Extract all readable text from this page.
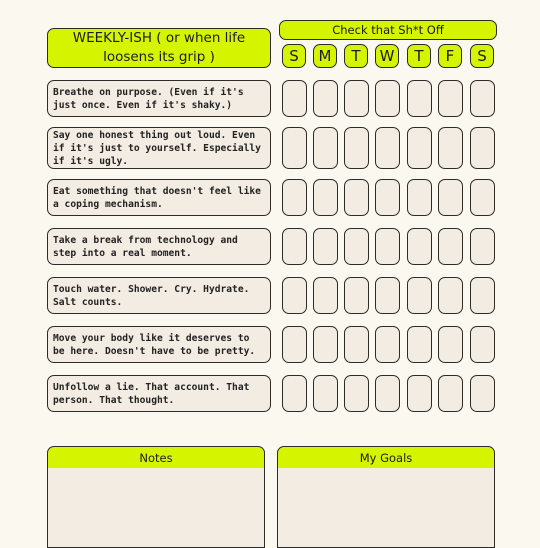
WEEKLY-ISH ( or when life
loosens its grip )
Check that Sh*t Off
S	M	T	W	T	F	S
Breathe on purpose. (Even if it's just once. Even if it's shaky.)
Say one honest thing out loud. Even if it's just to yourself. Especially if it's ugly.
Eat something that doesn't feel like a coping mechanism.
Take a break from technology and step into a real moment.
Touch water. Shower. Cry. Hydrate. Salt counts.
Move your body like it deserves to be here. Doesn't have to be pretty.
Unfollow a lie. That account. That person. That thought.
Notes	My Goals
